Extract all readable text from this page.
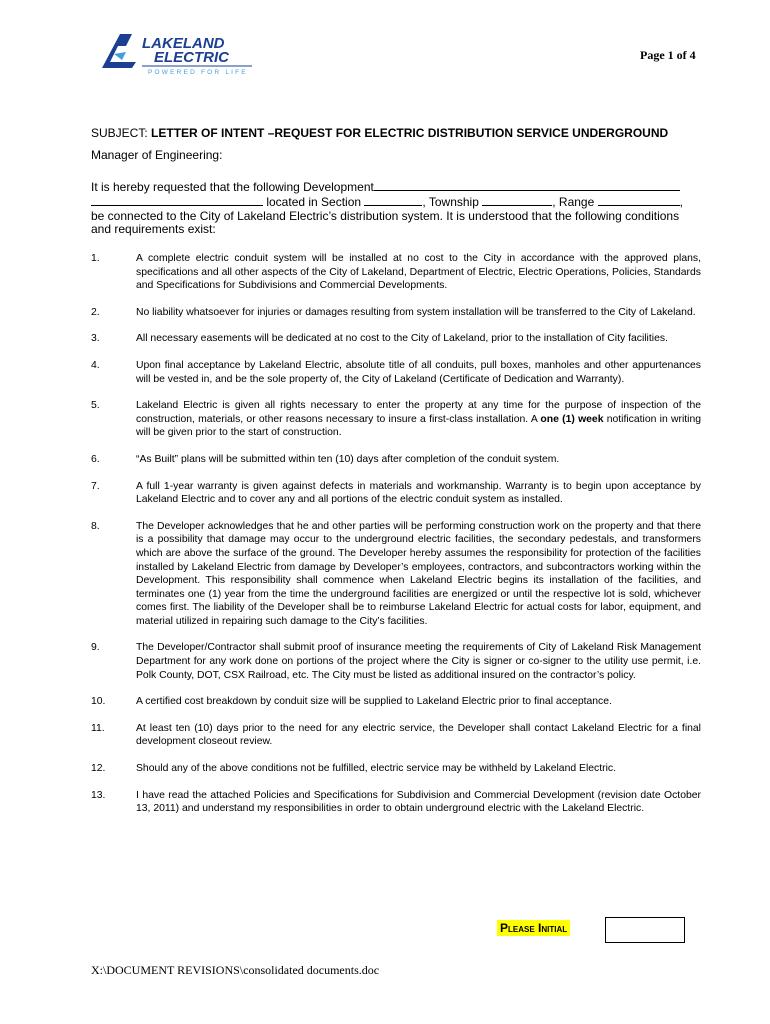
LAKELAND
ELECTRIC
POWERED FOR LIFE
Page 1 of 4
SUBJECT: LETTER OF INTENT –REQUEST FOR ELECTRIC DISTRIBUTION SERVICE UNDERGROUND
Manager of Engineering:
It is hereby requested that the following Development
located in Section	, Township	, Range	,
be connected to the City of Lakeland Electric’s distribution system. It is understood that the following conditions and requirements exist:
1.	A complete electric conduit system will be installed at no cost to the City in accordance with the approved plans, specifications and all other aspects of the City of Lakeland, Department of Electric, Electric Operations, Policies, Standards and Specifications for Subdivisions and Commercial Developments.
2.	No liability whatsoever for injuries or damages resulting from system installation will be transferred to the City of Lakeland.
3.	All necessary easements will be dedicated at no cost to the City of Lakeland, prior to the installation of City facilities.
4.	Upon final acceptance by Lakeland Electric, absolute title of all conduits, pull boxes, manholes and other appurtenances will be vested in, and be the sole property of, the City of Lakeland (Certificate of Dedication and Warranty).
5.	Lakeland Electric is given all rights necessary to enter the property at any time for the purpose of inspection of the construction, materials, or other reasons necessary to insure a first-class installation. A one (1) week notification in writing will be given prior to the start of construction.
6.	“As Built” plans will be submitted within ten (10) days after completion of the conduit system.
7.	A full 1-year warranty is given against defects in materials and workmanship. Warranty is to begin upon acceptance by Lakeland Electric and to cover any and all portions of the electric conduit system as installed.
8.	The Developer acknowledges that he and other parties will be performing construction work on the property and that there is a possibility that damage may occur to the underground electric facilities, the secondary pedestals, and transformers which are above the surface of the ground. The Developer hereby assumes the responsibility for protection of the facilities installed by Lakeland Electric from damage by Developer’s employees, contractors, and subcontractors working within the Development. This responsibility shall commence when Lakeland Electric begins its installation of the facilities, and terminates one (1) year from the time the underground facilities are energized or until the respective lot is sold, whichever comes first. The liability of the Developer shall be to reimburse Lakeland Electric for actual costs for labor, equipment, and material utilized in repairing such damage to the City’s facilities.
9.	The Developer/Contractor shall submit proof of insurance meeting the requirements of City of Lakeland Risk Management Department for any work done on portions of the project where the City is signer or co-signer to the utility use permit, i.e. Polk County, DOT, CSX Railroad, etc. The City must be listed as additional insured on the contractor’s policy.
10.	A certified cost breakdown by conduit size will be supplied to Lakeland Electric prior to final acceptance.
11.	At least ten (10) days prior to the need for any electric service, the Developer shall contact Lakeland Electric for a final development closeout review.
12.	Should any of the above conditions not be fulfilled, electric service may be withheld by Lakeland Electric.
13.	I have read the attached Policies and Specifications for Subdivision and Commercial Development (revision date October 13, 2011) and understand my responsibilities in order to obtain underground electric with the Lakeland Electric.
Please Initial
X:\DOCUMENT REVISIONS\consolidated documents.doc
